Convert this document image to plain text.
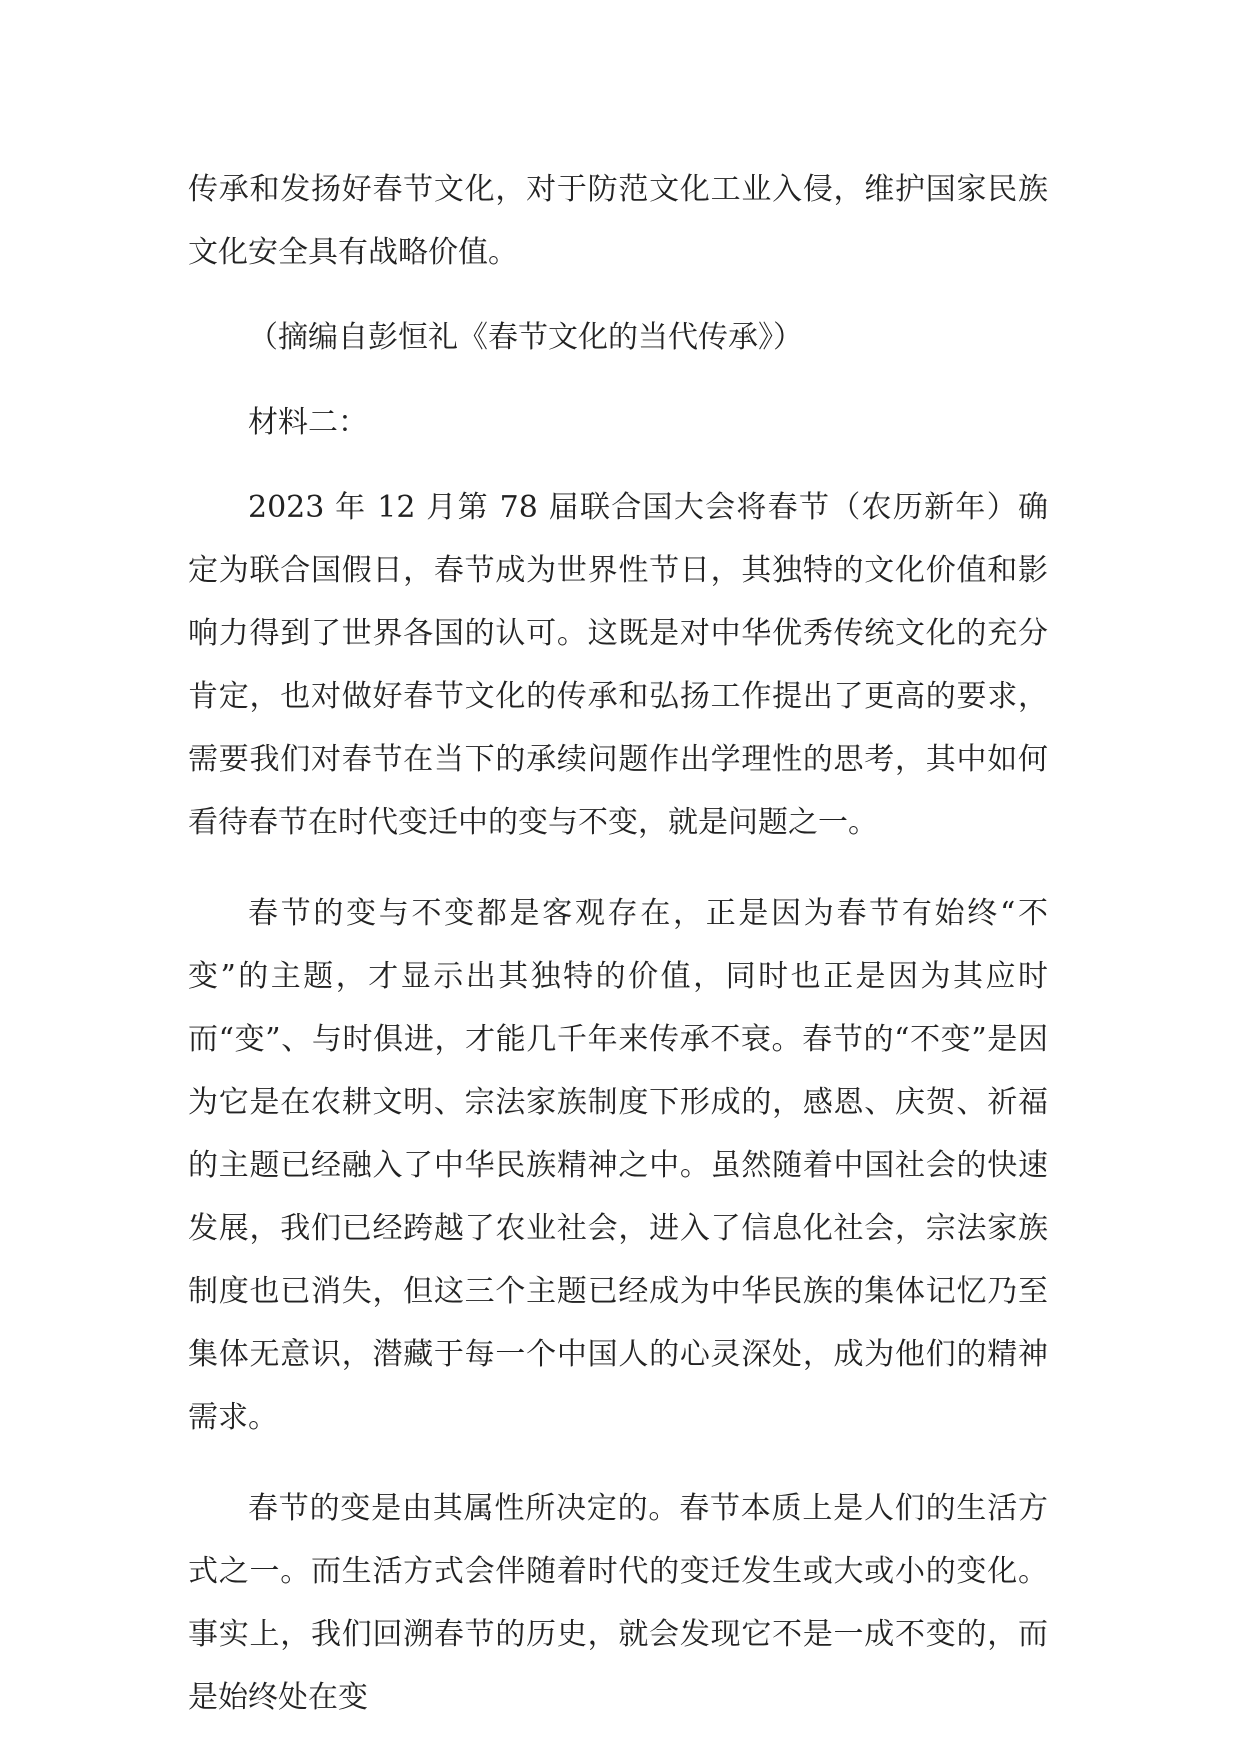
传承和发扬好春节文化，对于防范文化工业入侵，维护国家民族文化安全具有战略价值。

（摘编自彭恒礼《春节文化的当代传承》）

材料二：

2023 年 12 月第 78 届联合国大会将春节（农历新年）确定为联合国假日，春节成为世界性节日，其独特的文化价值和影响力得到了世界各国的认可。这既是对中华优秀传统文化的充分肯定，也对做好春节文化的传承和弘扬工作提出了更高的要求，需要我们对春节在当下的承续问题作出学理性的思考，其中如何看待春节在时代变迁中的变与不变，就是问题之一。

春节的变与不变都是客观存在，正是因为春节有始终“不变”的主题，才显示出其独特的价值，同时也正是因为其应时而“变”、与时俱进，才能几千年来传承不衰。春节的“不变”是因为它是在农耕文明、宗法家族制度下形成的，感恩、庆贺、祈福的主题已经融入了中华民族精神之中。虽然随着中国社会的快速发展，我们已经跨越了农业社会，进入了信息化社会，宗法家族制度也已消失，但这三个主题已经成为中华民族的集体记忆乃至集体无意识，潜藏于每一个中国人的心灵深处，成为他们的精神需求。

春节的变是由其属性所决定的。春节本质上是人们的生活方式之一。而生活方式会伴随着时代的变迁发生或大或小的变化。事实上，我们回溯春节的历史，就会发现它不是一成不变的，而是始终处在变
